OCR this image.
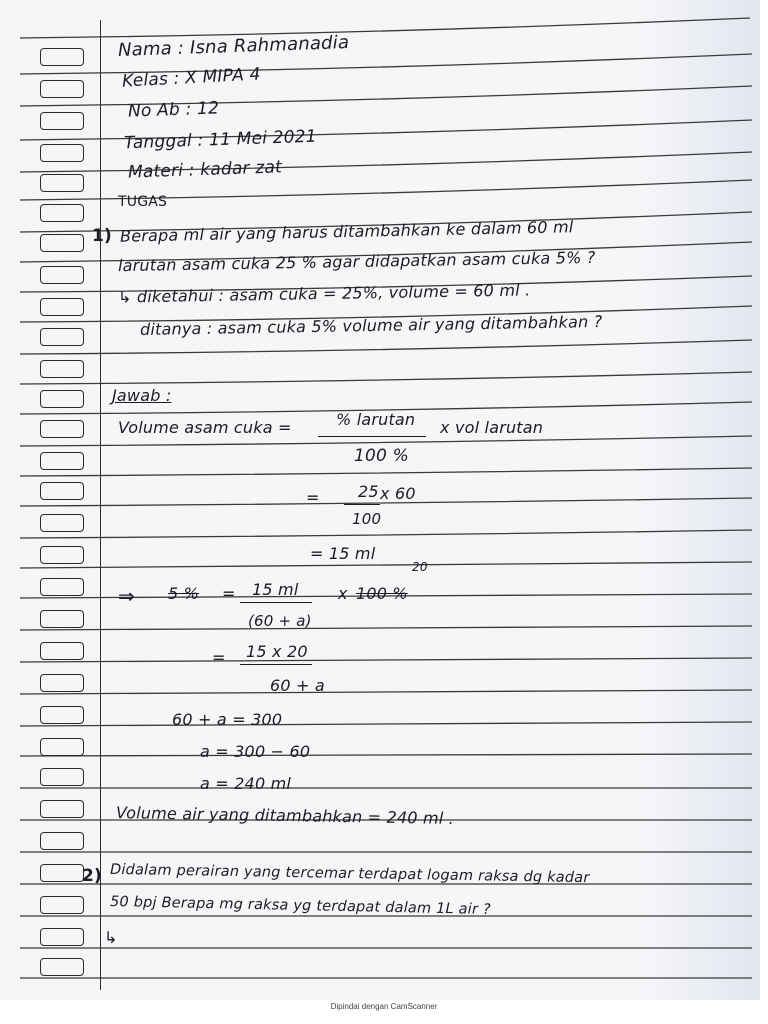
Nama : Isna Rahmanadia
Kelas : X MIPA 4
No Ab : 12
Tanggal : 11 Mei 2021
Materi : kadar zat
TUGAS
1) Berapa ml air yang harus ditambahkan ke dalam 60 ml
larutan asam cuka 25 % agar didapatkan asam cuka 5% ?
↳ diketahui : asam cuka = 25%, volume = 60 ml .
ditanya : asam cuka 5% volume air yang ditambahkan ?
Jawab :
Volume asam cuka =	% larutan x vol larutan
100 %
= 25 x 60
100
= 15 ml
⇒ 5 % = 15 ml x 100 %
20
(60 + a)
= 15 x 20
60 + a
60 + a = 300
a = 300 − 60
a = 240 ml
Volume air yang ditambahkan = 240 ml .
2) Didalam perairan yang tercemar terdapat logam raksa dg kadar
50 bpj Berapa mg raksa yg terdapat dalam 1L air ?
↳
Dipindai dengan CamScanner
